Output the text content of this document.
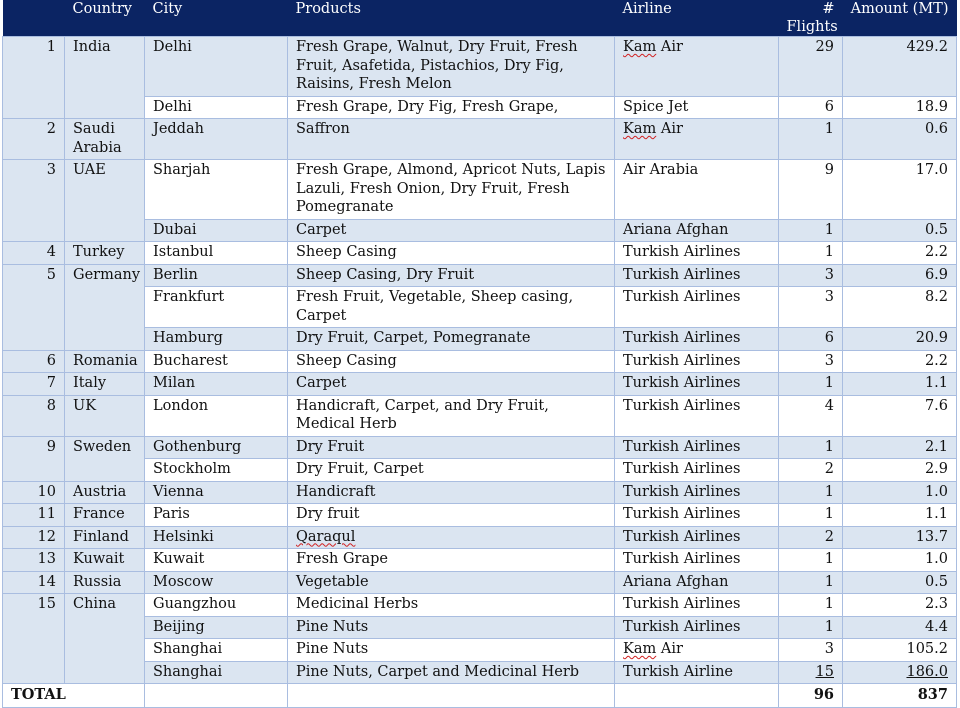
	Country	City	Products	Airline	# Flights	Amount (MT)
1	India	Delhi	Fresh Grape, Walnut, Dry Fruit, Fresh Fruit, Asafetida, Pistachios, Dry Fig, Raisins, Fresh Melon	Kam Air	29	429.2
		Delhi	Fresh Grape, Dry Fig, Fresh Grape,	Spice Jet	6	18.9
2	Saudi Arabia	Jeddah	Saffron	Kam Air	1	0.6
3	UAE	Sharjah	Fresh Grape, Almond, Apricot Nuts, Lapis Lazuli, Fresh Onion, Dry Fruit, Fresh Pomegranate	Air Arabia	9	17.0
		Dubai	Carpet	Ariana Afghan	1	0.5
4	Turkey	Istanbul	Sheep Casing	Turkish Airlines	1	2.2
5	Germany	Berlin	Sheep Casing, Dry Fruit	Turkish Airlines	3	6.9
		Frankfurt	Fresh Fruit, Vegetable, Sheep casing, Carpet	Turkish Airlines	3	8.2
		Hamburg	Dry Fruit, Carpet, Pomegranate	Turkish Airlines	6	20.9
6	Romania	Bucharest	Sheep Casing	Turkish Airlines	3	2.2
7	Italy	Milan	Carpet	Turkish Airlines	1	1.1
8	UK	London	Handicraft, Carpet, and Dry Fruit, Medical Herb	Turkish Airlines	4	7.6
9	Sweden	Gothenburg	Dry Fruit	Turkish Airlines	1	2.1
		Stockholm	Dry Fruit, Carpet	Turkish Airlines	2	2.9
10	Austria	Vienna	Handicraft	Turkish Airlines	1	1.0
11	France	Paris	Dry fruit	Turkish Airlines	1	1.1
12	Finland	Helsinki	Qaraqul	Turkish Airlines	2	13.7
13	Kuwait	Kuwait	Fresh Grape	Turkish Airlines	1	1.0
14	Russia	Moscow	Vegetable	Ariana Afghan	1	0.5
15	China	Guangzhou	Medicinal Herbs	Turkish Airlines	1	2.3
		Beijing	Pine Nuts	Turkish Airlines	1	4.4
		Shanghai	Pine Nuts	Kam Air	3	105.2
		Shanghai	Pine Nuts, Carpet and Medicinal Herb	Turkish Airline	15	186.0
TOTAL					96	837
